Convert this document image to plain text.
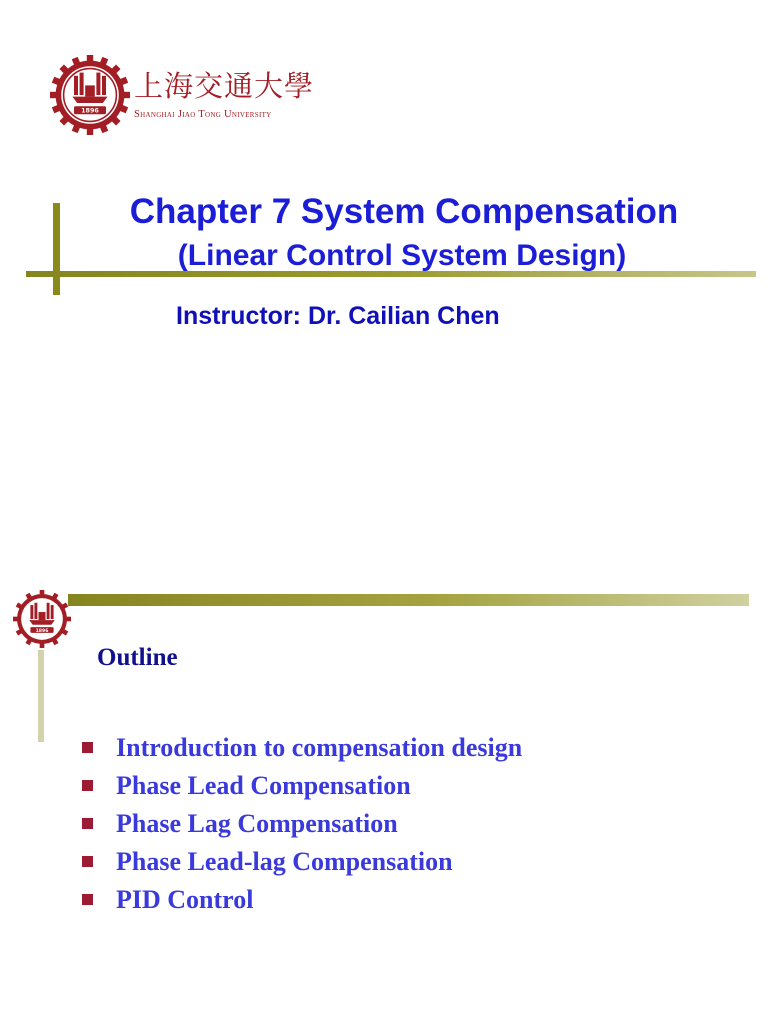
1896
上海交通大學
Shanghai Jiao Tong University
Chapter 7 System Compensation
(Linear Control System Design)
Instructor: Dr. Cailian Chen
1896
Outline
Introduction to compensation design
Phase Lead Compensation
Phase Lag Compensation
Phase Lead-lag Compensation
PID Control
